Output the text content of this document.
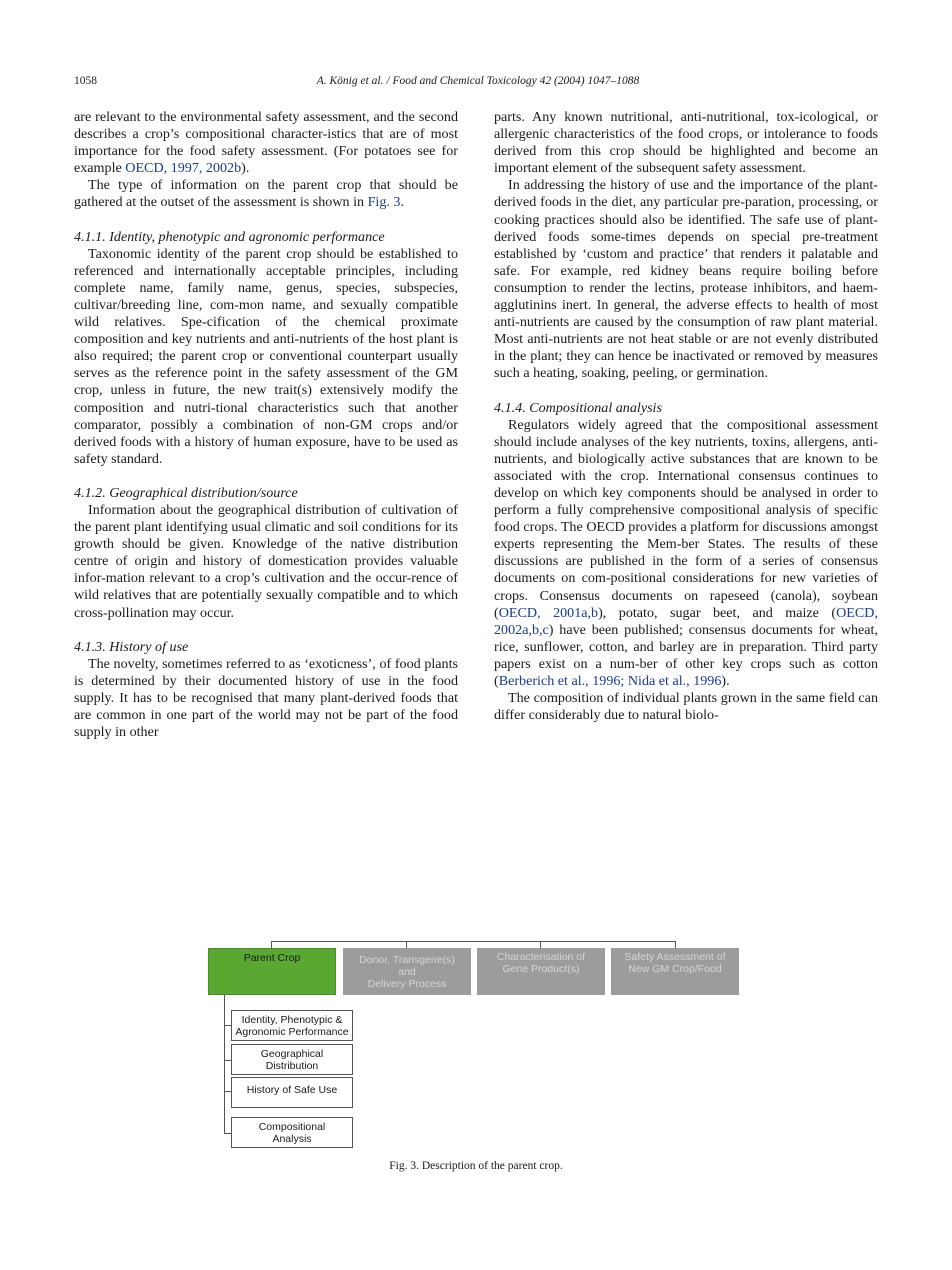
1058	A. König et al. / Food and Chemical Toxicology 42 (2004) 1047–1088

are relevant to the environmental safety assessment, and the second describes a crop’s compositional character-istics that are of most importance for the food safety assessment. (For potatoes see for example OECD, 1997, 2002b).

The type of information on the parent crop that should be gathered at the outset of the assessment is shown in Fig. 3.

4.1.1. Identity, phenotypic and agronomic performance

Taxonomic identity of the parent crop should be established to referenced and internationally acceptable principles, including complete name, family name, genus, species, subspecies, cultivar/breeding line, com-mon name, and sexually compatible wild relatives. Spe-cification of the chemical proximate composition and key nutrients and anti-nutrients of the host plant is also required; the parent crop or conventional counterpart usually serves as the reference point in the safety assessment of the GM crop, unless in future, the new trait(s) extensively modify the composition and nutri-tional characteristics such that another comparator, possibly a combination of non-GM crops and/or derived foods with a history of human exposure, have to be used as safety standard.

4.1.2. Geographical distribution/source

Information about the geographical distribution of cultivation of the parent plant identifying usual climatic and soil conditions for its growth should be given. Knowledge of the native distribution centre of origin and history of domestication provides valuable infor-mation relevant to a crop’s cultivation and the occur-rence of wild relatives that are potentially sexually compatible and to which cross-pollination may occur.

4.1.3. History of use

The novelty, sometimes referred to as ‘exoticness’, of food plants is determined by their documented history of use in the food supply. It has to be recognised that many plant-derived foods that are common in one part of the world may not be part of the food supply in other

parts. Any known nutritional, anti-nutritional, tox-icological, or allergenic characteristics of the food crops, or intolerance to foods derived from this crop should be highlighted and become an important element of the subsequent safety assessment.

In addressing the history of use and the importance of the plant-derived foods in the diet, any particular pre-paration, processing, or cooking practices should also be identified. The safe use of plant-derived foods some-times depends on special pre-treatment established by ‘custom and practice’ that renders it palatable and safe. For example, red kidney beans require boiling before consumption to render the lectins, protease inhibitors, and haem-agglutinins inert. In general, the adverse effects to health of most anti-nutrients are caused by the consumption of raw plant material. Most anti-nutrients are not heat stable or are not evenly distributed in the plant; they can hence be inactivated or removed by measures such a heating, soaking, peeling, or germination.

4.1.4. Compositional analysis

Regulators widely agreed that the compositional assessment should include analyses of the key nutrients, toxins, allergens, anti-nutrients, and biologically active substances that are known to be associated with the crop. International consensus continues to develop on which key components should be analysed in order to perform a fully comprehensive compositional analysis of specific food crops. The OECD provides a platform for discussions amongst experts representing the Mem-ber States. The results of these discussions are published in the form of a series of consensus documents on com-positional considerations for new varieties of crops. Consensus documents on rapeseed (canola), soybean (OECD, 2001a,b), potato, sugar beet, and maize (OECD, 2002a,b,c) have been published; consensus documents for wheat, rice, sunflower, cotton, and barley are in preparation. Third party papers exist on a num-ber of other key crops such as cotton (Berberich et al., 1996; Nida et al., 1996).

The composition of individual plants grown in the same field can differ considerably due to natural biolo-

Parent Crop	Donor, Transgene(s)
and
Delivery Process
Characterisation of
Gene Product(s)
Safety Assessment of
New GM Crop/Food
Identity, Phenotypic &
Agronomic Performance
Geographical
Distribution
History of Safe Use
Compositional
Analysis
Fig. 3. Description of the parent crop.
